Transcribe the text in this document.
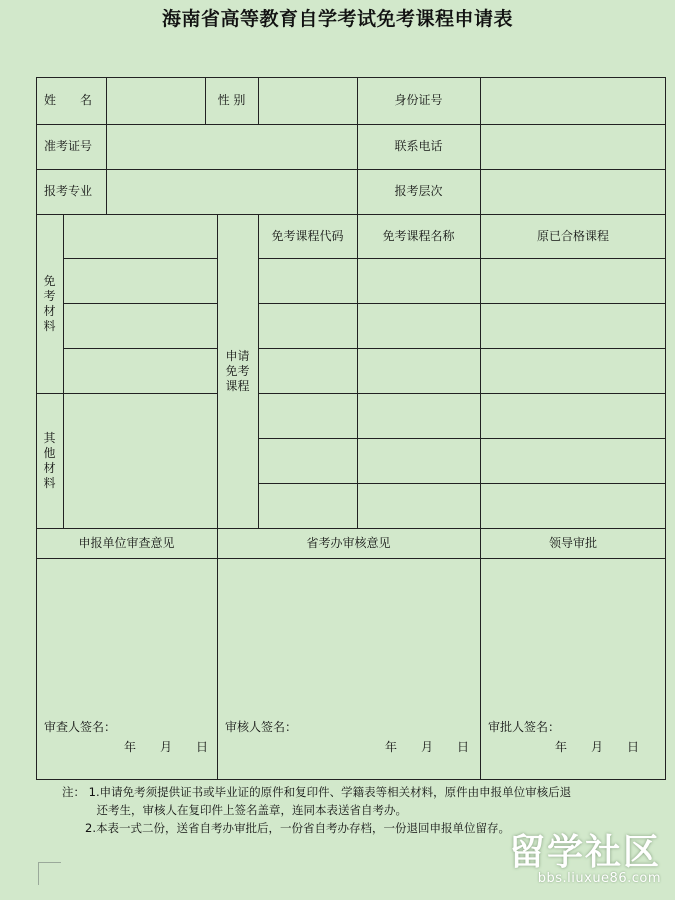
海南省高等教育自学考试免考课程申请表
姓　　名	性 别	身份证号
准考证号	联系电话
报考专业	报考层次
免
考
材
料
其
他
材
料
申请
免考
课程
免考课程代码	免考课程名称	原已合格课程
申报单位审查意见	省考办审核意见	领导审批
审查人签名：
年　　月　　日
审核人签名：
年　　月　　日
审批人签名：
年　　月　　日
注： 1.申请免考须提供证书或毕业证的原件和复印件、学籍表等相关材料，原件由申报单位审核后退
　　　还考生，审核人在复印件上签名盖章，连同本表送省自考办。
　　2.本表一式二份，送省自考办审批后，一份省自考办存档，一份退回申报单位留存。
留学社区
bbs.liuxue86.com
